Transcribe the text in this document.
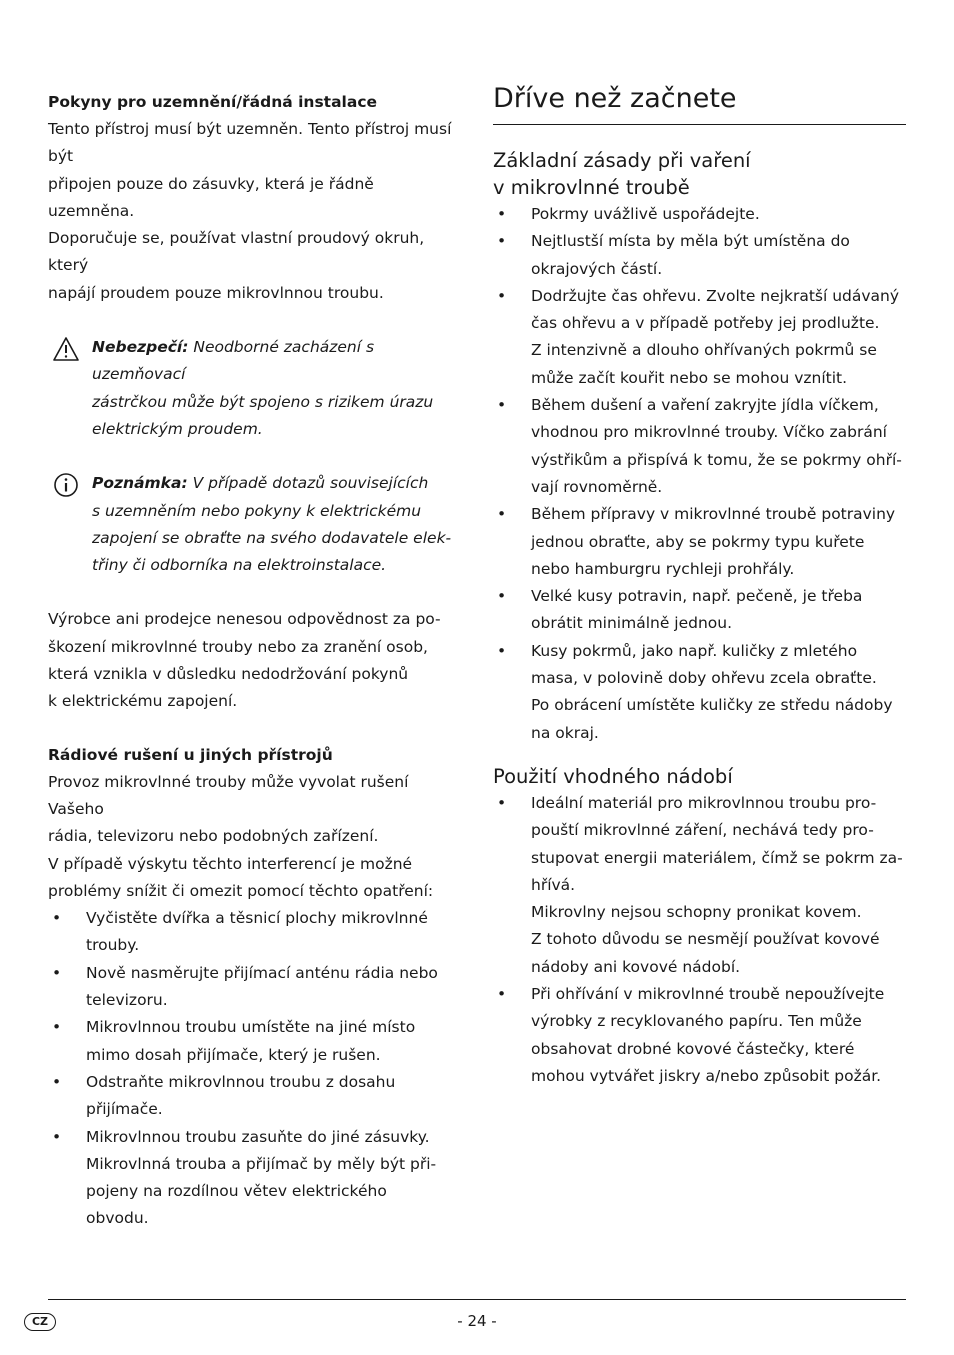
Pokyny pro uzemnění/řádná instalace

Tento přístroj musí být uzemněn. Tento přístroj musí být
připojen pouze do zásuvky, která je řádně uzemněna.
Doporučuje se, používat vlastní proudový okruh, který
napájí proudem pouze mikrovlnnou troubu.

Nebezpečí: Neodborné zacházení s uzemňovací
zástrčkou může být spojeno s rizikem úrazu
elektrickým proudem.
Poznámka: V případě dotazů souvisejících
s uzemněním nebo pokyny k elektrickému
zapojení se obraťte na svého dodavatele elek-
třiny či odborníka na elektroinstalace.

Výrobce ani prodejce nenesou odpovědnost za po-
škození mikrovlnné trouby nebo za zranění osob,
která vznikla v důsledku nedodržování pokynů
k elektrickému zapojení.

Rádiové rušení u jiných přístrojů

Provoz mikrovlnné trouby může vyvolat rušení Vašeho
rádia, televizoru nebo podobných zařízení.
V případě výskytu těchto interferencí je možné
problémy snížit či omezit pomocí těchto opatření:

• Vyčistěte dvířka a těsnicí plochy mikrovlnné
trouby.
• Nově nasměrujte přijímací anténu rádia nebo
televizoru.
• Mikrovlnnou troubu umístěte na jiné místo
mimo dosah přijímače, který je rušen.
• Odstraňte mikrovlnnou troubu z dosahu
přijímače.
• Mikrovlnnou troubu zasuňte do jiné zásuvky.
Mikrovlnná trouba a přijímač by měly být při-
pojeny na rozdílnou větev elektrického
obvodu.
Dříve než začnete
Základní zásady při vaření
v mikrovlnné troubě
• Pokrmy uvážlivě uspořádejte.
• Nejtlustší místa by měla být umístěna do
okrajových částí.
• Dodržujte čas ohřevu. Zvolte nejkratší udávaný
čas ohřevu a v případě potřeby jej prodlužte.
Z intenzivně a dlouho ohřívaných pokrmů se
může začít kouřit nebo se mohou vznítit.
• Během dušení a vaření zakryjte jídla víčkem,
vhodnou pro mikrovlnné trouby. Víčko zabrání
výstřikům a přispívá k tomu, že se pokrmy ohří-
vají rovnoměrně.
• Během přípravy v mikrovlnné troubě potraviny
jednou obraťte, aby se pokrmy typu kuřete
nebo hamburgru rychleji prohřály.
• Velké kusy potravin, např. pečeně, je třeba
obrátit minimálně jednou.
• Kusy pokrmů, jako např. kuličky z mletého
masa, v polovině doby ohřevu zcela obraťte.
Po obrácení umístěte kuličky ze středu nádoby
na okraj.
Použití vhodného nádobí
• Ideální materiál pro mikrovlnnou troubu pro-
pouští mikrovlnné záření, nechává tedy pro-
stupovat energii materiálem, čímž se pokrm za-
hřívá.
Mikrovlny nejsou schopny pronikat kovem.
Z tohoto důvodu se nesmějí používat kovové
nádoby ani kovové nádobí.
• Při ohřívání v mikrovlnné troubě nepoužívejte
výrobky z recyklovaného papíru. Ten může
obsahovat drobné kovové částečky, které
mohou vytvářet jiskry a/nebo způsobit požár.
CZ	- 24 -
